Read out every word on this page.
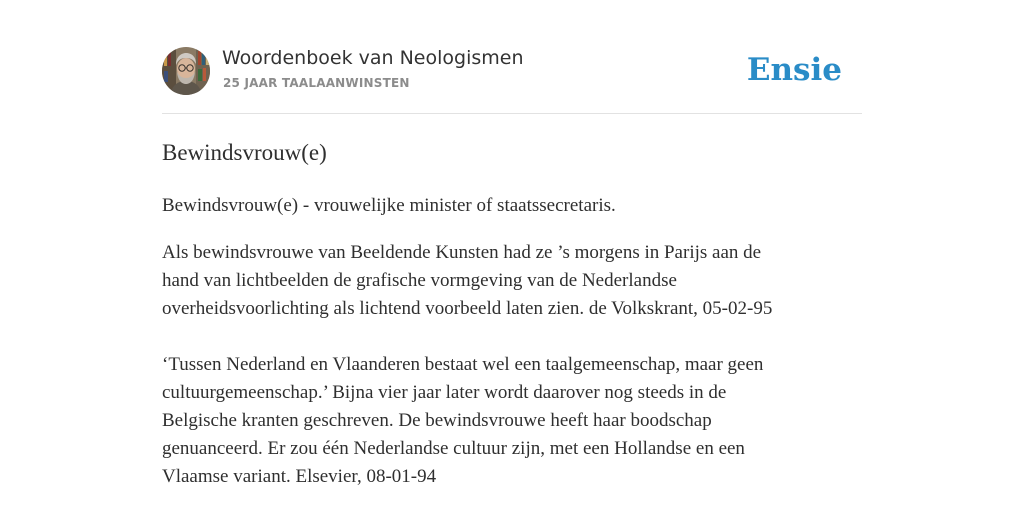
Woordenboek van Neologismen
25 JAAR TAALAANWINSTEN	Ensie
Bewindsvrouw(e)

Bewindsvrouw(e) - vrouwelijke minister of staatssecretaris.

Als bewindsvrouwe van Beeldende Kunsten had ze ’s morgens in Parijs aan de
hand van lichtbeelden de grafische vormgeving van de Nederlandse
overheidsvoorlichting als lichtend voorbeeld laten zien. de Volkskrant, 05-02-95
‘Tussen Nederland en Vlaanderen bestaat wel een taalgemeenschap, maar geen
cultuurgemeenschap.’ Bijna vier jaar later wordt daarover nog steeds in de
Belgische kranten geschreven. De bewindsvrouwe heeft haar boodschap
genuanceerd. Er zou één Nederlandse cultuur zijn, met een Hollandse en een
Vlaamse variant. Elsevier, 08-01-94
